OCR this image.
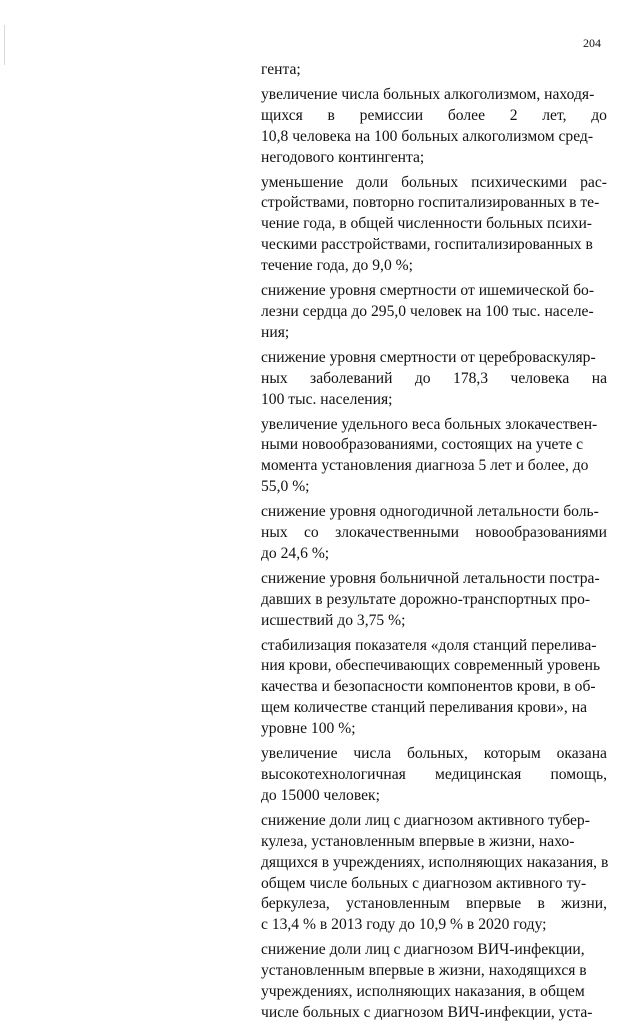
204
гента;
увеличение числа больных алкоголизмом, находя-
щихся в ремиссии более 2 лет, до
10,8 человека на 100 больных алкоголизмом сред-
негодового контингента;
уменьшение доли больных психическими рас-
стройствами, повторно госпитализированных в те-
чение года, в общей численности больных психи-
ческими расстройствами, госпитализированных в
течение года, до 9,0 %;
снижение уровня смертности от ишемической бо-
лезни сердца до 295,0 человек на 100 тыс. населе-
ния;
снижение уровня смертности от цереброваскуляр-
ных заболеваний до 178,3 человека на
100 тыс. населения;
увеличение удельного веса больных злокачествен-
ными новообразованиями, состоящих на учете с
момента установления диагноза 5 лет и более, до
55,0 %;
снижение уровня одногодичной летальности боль-
ных со злокачественными новообразованиями
до 24,6 %;
снижение уровня больничной летальности постра-
давших в результате дорожно-транспортных про-
исшествий до 3,75 %;
стабилизация показателя «доля станций перелива-
ния крови, обеспечивающих современный уровень
качества и безопасности компонентов крови, в об-
щем количестве станций переливания крови», на
уровне 100 %;
увеличение числа больных, которым оказана
высокотехнологичная медицинская помощь,
до 15000 человек;
снижение доли лиц с диагнозом активного тубер-
кулеза, установленным впервые в жизни, нахо-
дящихся в учреждениях, исполняющих наказания, в
общем числе больных с диагнозом активного ту-
беркулеза, установленным впервые в жизни,
с 13,4 % в 2013 году до 10,9 % в 2020 году;
снижение доли лиц с диагнозом ВИЧ-инфекции,
установленным впервые в жизни, находящихся в
учреждениях, исполняющих наказания, в общем
числе больных с диагнозом ВИЧ-инфекции, уста-
